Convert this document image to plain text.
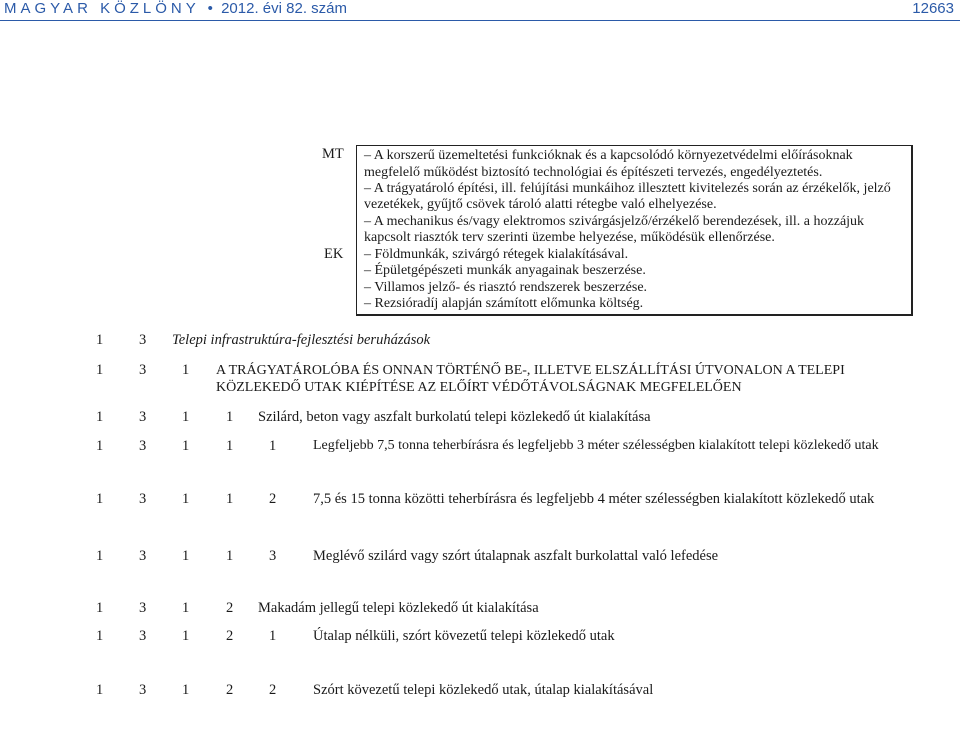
MAGYAR KÖZLÖNY • 2012. évi 82. szám	12663
MT
EK
– A korszerű üzemeltetési funkcióknak és a kapcsolódó környezetvédelmi előírásoknak
megfelelő működést biztosító technológiai és építészeti tervezés, engedélyeztetés.
– A trágyatároló építési, ill. felújítási munkáihoz illesztett kivitelezés során az érzékelők, jelző
vezetékek, gyűjtő csövek tároló alatti rétegbe való elhelyezése.
– A mechanikus és/vagy elektromos szivárgásjelző/érzékelő berendezések, ill. a hozzájuk
kapcsolt riasztók terv szerinti üzembe helyezése, működésük ellenőrzése.
– Földmunkák, szivárgó rétegek kialakításával.
– Épületgépészeti munkák anyagainak beszerzése.
– Villamos jelző- és riasztó rendszerek beszerzése.
– Rezsióradíj alapján számított előmunka költség.
1 3 Telepi infrastruktúra-fejlesztési beruházások
1 3 1 A TRÁGYATÁROLÓBA ÉS ONNAN TÖRTÉNŐ BE-, ILLETVE ELSZÁLLÍTÁSI ÚTVONALON A TELEPI
KÖZLEKEDŐ UTAK KIÉPÍTÉSE AZ ELŐÍRT VÉDŐTÁVOLSÁGNAK MEGFELELŐEN
1 3 1	1 Szilárd, beton vagy aszfalt burkolatú telepi közlekedő út kialakítása
1 3 1	1 1	Legfeljebb 7,5 tonna teherbírásra és legfeljebb 3 méter szélességben kialakított telepi közlekedő utak
1 3 1	1 2	7,5 és 15 tonna közötti teherbírásra és legfeljebb 4 méter szélességben kialakított közlekedő utak
1 3 1	1 3	Meglévő szilárd vagy szórt útalapnak aszfalt burkolattal való lefedése
1 3 1	2 Makadám jellegű telepi közlekedő út kialakítása
1 3 1	2 1	Útalap nélküli, szórt kövezetű telepi közlekedő utak
1 3 1	2 2	Szórt kövezetű telepi közlekedő utak, útalap kialakításával
